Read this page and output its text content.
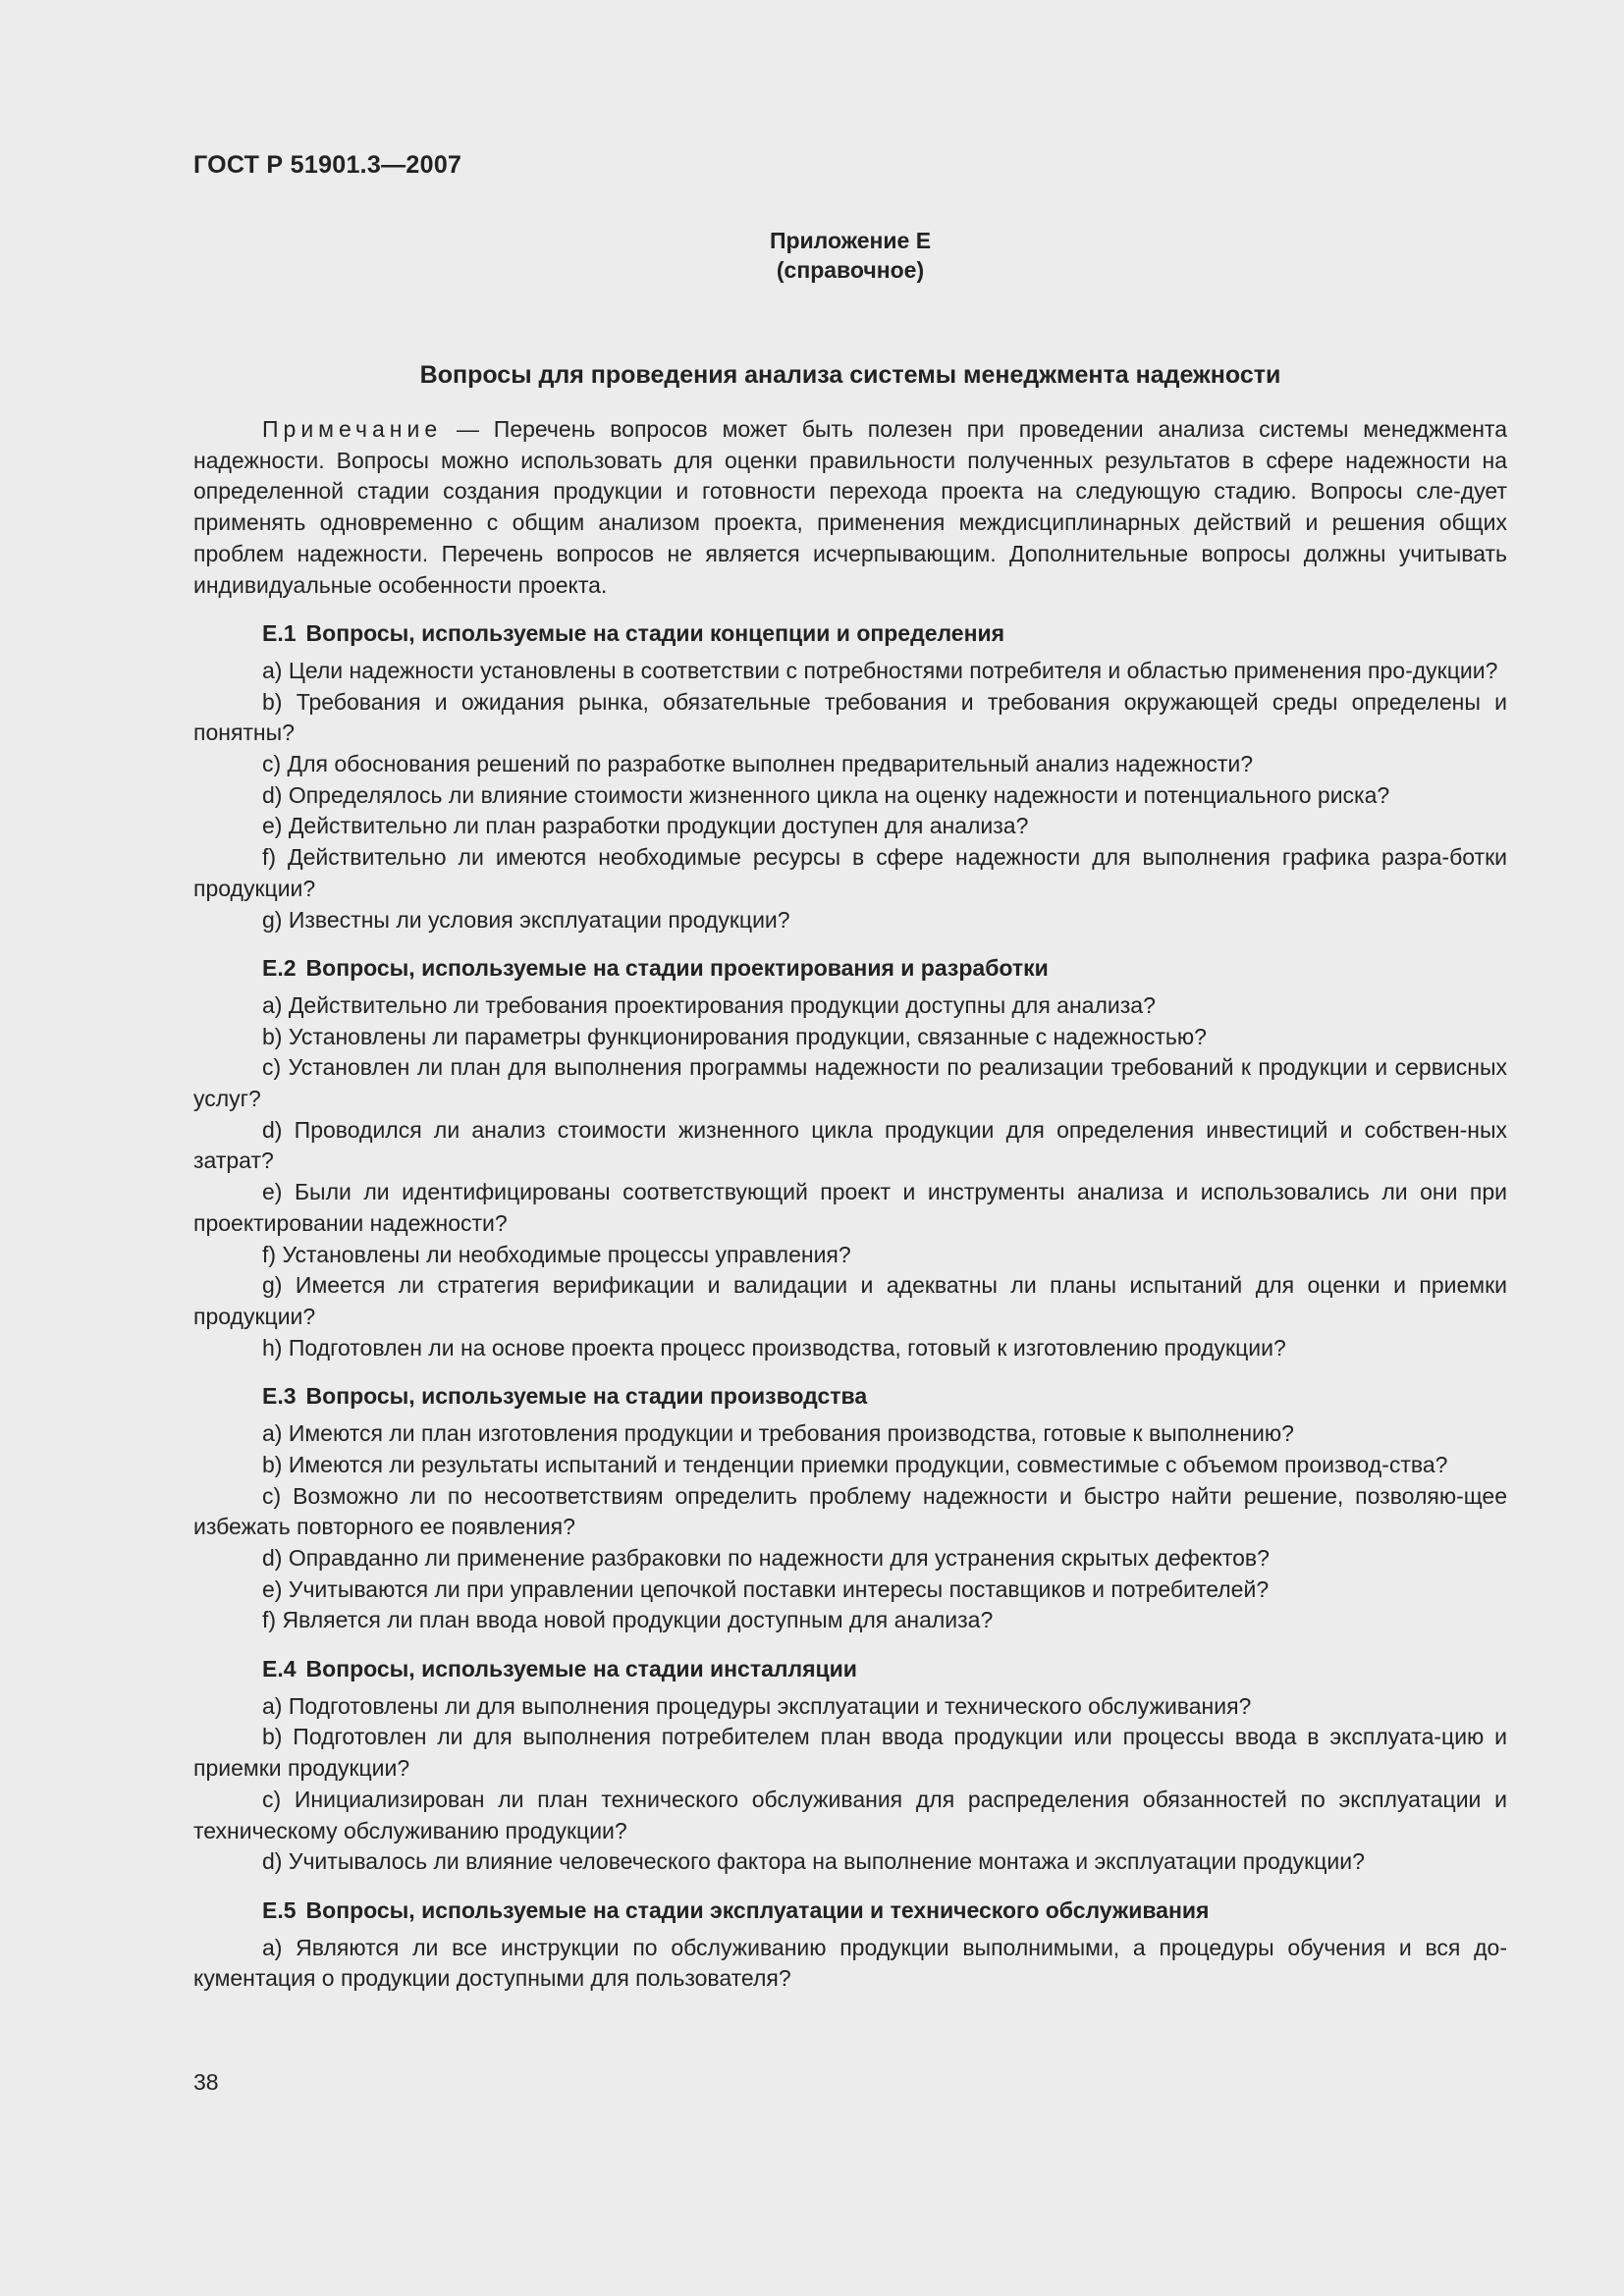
ГОСТ Р 51901.3—2007
Приложение Е
(справочное)
Вопросы для проведения анализа системы менеджмента надежности

Примечание — Перечень вопросов может быть полезен при проведении анализа системы менеджмента надежности. Вопросы можно использовать для оценки правильности полученных результатов в сфере надежности на определенной стадии создания продукции и готовности перехода проекта на следующую стадию. Вопросы сле-дует применять одновременно с общим анализом проекта, применения междисциплинарных действий и решения общих проблем надежности. Перечень вопросов не является исчерпывающим. Дополнительные вопросы должны учитывать индивидуальные особенности проекта.

Е.1 Вопросы, используемые на стадии концепции и определения

а) Цели надежности установлены в соответствии с потребностями потребителя и областью применения про-дукции?

b) Требования и ожидания рынка, обязательные требования и требования окружающей среды определены и понятны?

c) Для обоснования решений по разработке выполнен предварительный анализ надежности?

d) Определялось ли влияние стоимости жизненного цикла на оценку надежности и потенциального риска?

e) Действительно ли план разработки продукции доступен для анализа?

f) Действительно ли имеются необходимые ресурсы в сфере надежности для выполнения графика разра-ботки продукции?

g) Известны ли условия эксплуатации продукции?

Е.2 Вопросы, используемые на стадии проектирования и разработки

а) Действительно ли требования проектирования продукции доступны для анализа?

b) Установлены ли параметры функционирования продукции, связанные с надежностью?

c) Установлен ли план для выполнения программы надежности по реализации требований к продукции и сервисных услуг?

d) Проводился ли анализ стоимости жизненного цикла продукции для определения инвестиций и собствен-ных затрат?

e) Были ли идентифицированы соответствующий проект и инструменты анализа и использовались ли они при проектировании надежности?

f) Установлены ли необходимые процессы управления?

g) Имеется ли стратегия верификации и валидации и адекватны ли планы испытаний для оценки и приемки продукции?

h) Подготовлен ли на основе проекта процесс производства, готовый к изготовлению продукции?

Е.3 Вопросы, используемые на стадии производства

а) Имеются ли план изготовления продукции и требования производства, готовые к выполнению?

b) Имеются ли результаты испытаний и тенденции приемки продукции, совместимые с объемом производ-ства?

c) Возможно ли по несоответствиям определить проблему надежности и быстро найти решение, позволяю-щее избежать повторного ее появления?

d) Оправданно ли применение разбраковки по надежности для устранения скрытых дефектов?

e) Учитываются ли при управлении цепочкой поставки интересы поставщиков и потребителей?

f) Является ли план ввода новой продукции доступным для анализа?

Е.4 Вопросы, используемые на стадии инсталляции

а) Подготовлены ли для выполнения процедуры эксплуатации и технического обслуживания?

b) Подготовлен ли для выполнения потребителем план ввода продукции или процессы ввода в эксплуата-цию и приемки продукции?

c) Инициализирован ли план технического обслуживания для распределения обязанностей по эксплуатации и техническому обслуживанию продукции?

d) Учитывалось ли влияние человеческого фактора на выполнение монтажа и эксплуатации продукции?

Е.5 Вопросы, используемые на стадии эксплуатации и технического обслуживания

а) Являются ли все инструкции по обслуживанию продукции выполнимыми, а процедуры обучения и вся до-кументация о продукции доступными для пользователя?

38
